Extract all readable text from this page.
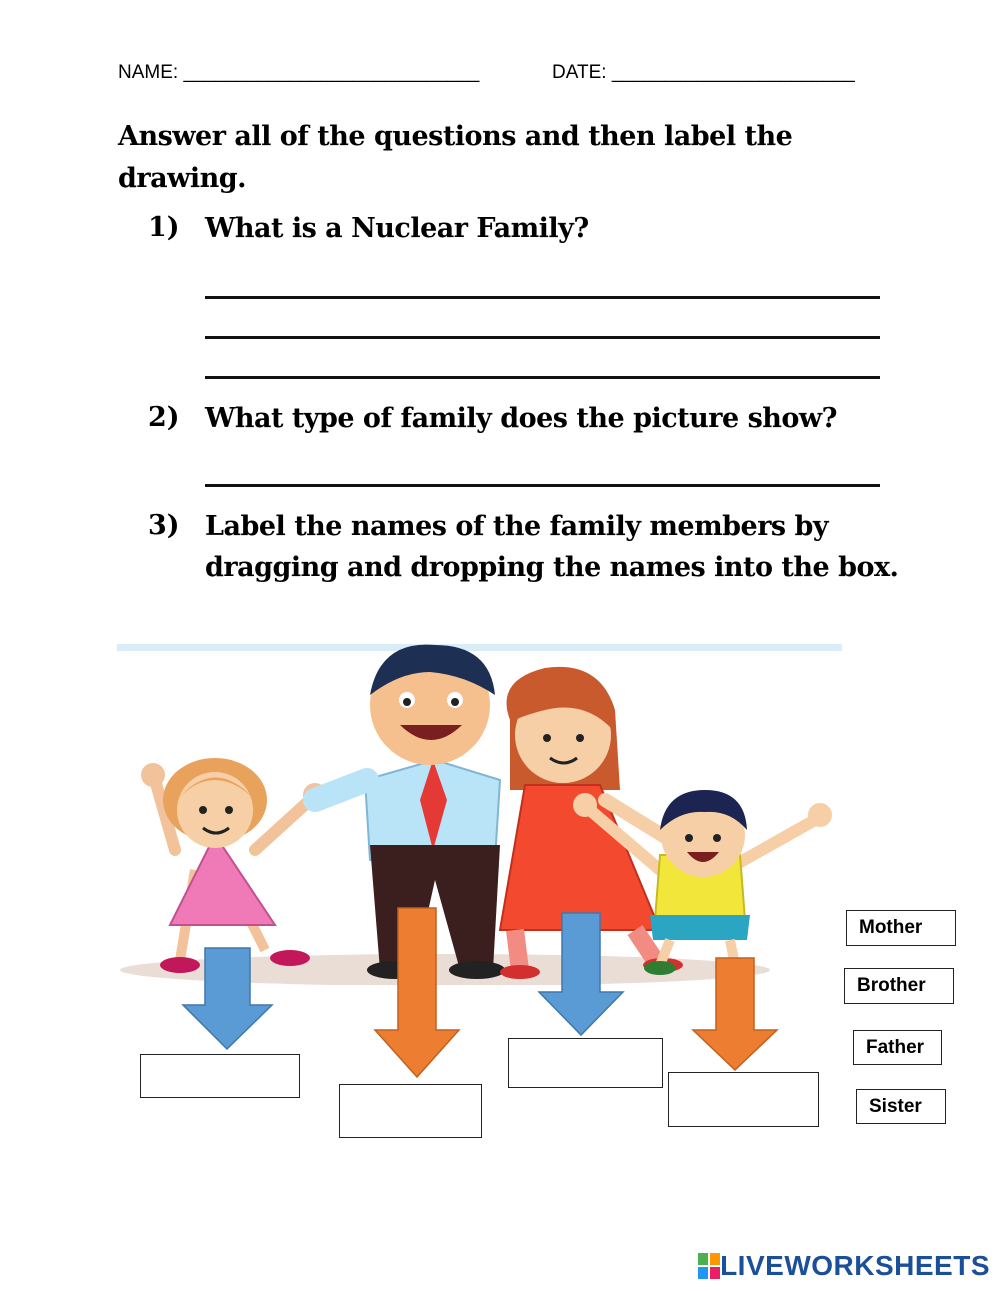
NAME: ____________________________	DATE: _______________________
Answer all of the questions and then label the drawing.
1) What is a Nuclear Family?
2) What type of family does the picture show?
3) Label the names of the family members by dragging and dropping the names into the box.
Mother
Brother
Father
Sister
LIVEWORKSHEETS
